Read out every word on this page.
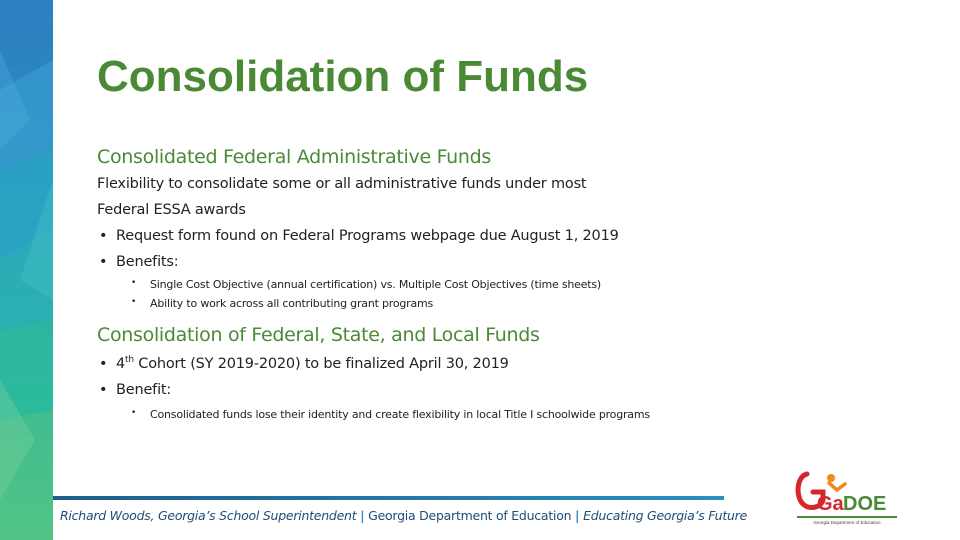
Consolidation of Funds

Consolidated Federal Administrative Funds

Flexibility to consolidate some or all administrative funds under most

Federal ESSA awards

• Request form found on Federal Programs webpage due August 1, 2019

• Benefits:

• Single Cost Objective (annual certification) vs. Multiple Cost Objectives (time sheets)

• Ability to work across all contributing grant programs

Consolidation of Federal, State, and Local Funds

• 4th Cohort (SY 2019-2020) to be finalized April 30, 2019

• Benefit:

• Consolidated funds lose their identity and create flexibility in local Title I schoolwide programs

Richard Woods, Georgia’s School Superintendent | Georgia Department of Education | Educating Georgia’s Future

Ga DOE
Georgia Department of Education
